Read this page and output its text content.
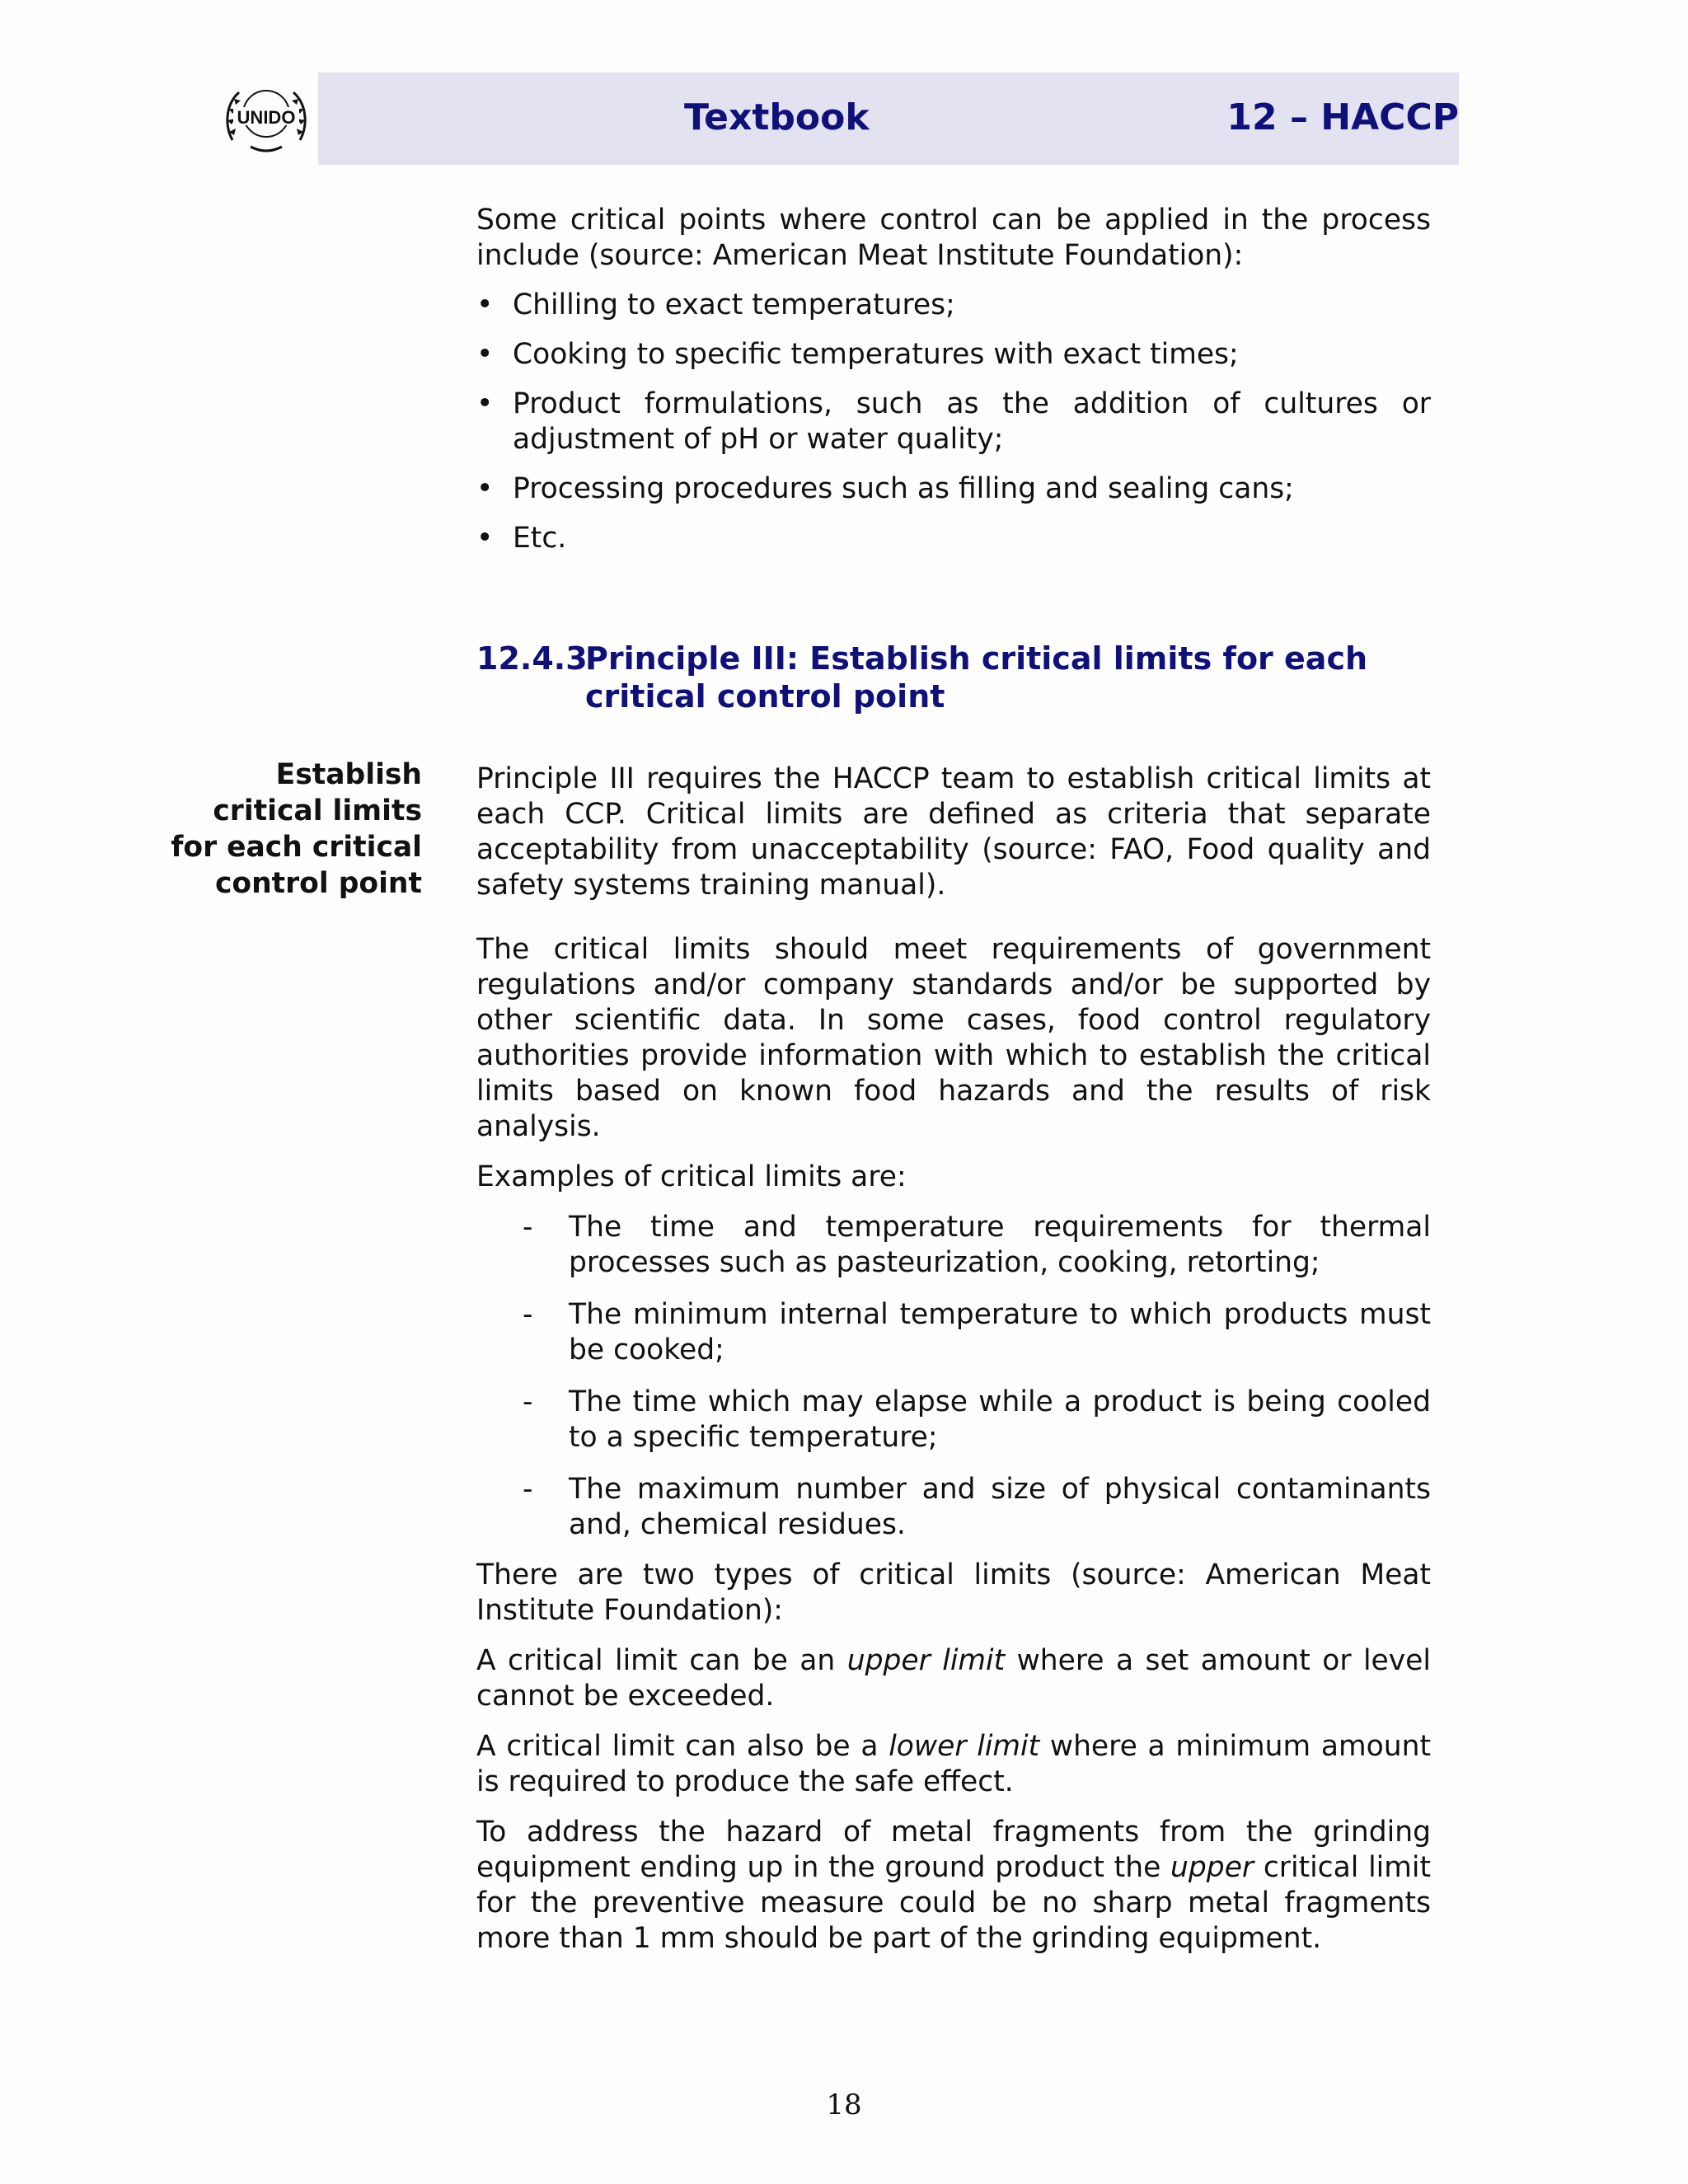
UNIDO	Textbook	12 – HACCP

Some critical points where control can be applied in the process include (source: American Meat Institute Foundation):

• Chilling to exact temperatures;
• Cooking to specific temperatures with exact times;
• Product formulations, such as the addition of cultures or adjustment of pH or water quality;
• Processing procedures such as filling and sealing cans;
• Etc.
12.4.3
Principle III: Establish critical limits for each critical control point
Establish critical limits for each critical control point

Principle III requires the HACCP team to establish critical limits at each CCP. Critical limits are defined as criteria that separate acceptability from unacceptability (source: FAO, Food quality and safety systems training manual).

The critical limits should meet requirements of government regulations and/or company standards and/or be supported by other scientific data. In some cases, food control regulatory authorities provide information with which to establish the critical limits based on known food hazards and the results of risk analysis.

Examples of critical limits are:

- The time and temperature requirements for thermal processes such as pasteurization, cooking, retorting;
- The minimum internal temperature to which products must be cooked;
- The time which may elapse while a product is being cooled to a specific temperature;
- The maximum number and size of physical contaminants and, chemical residues.

There are two types of critical limits (source: American Meat Institute Foundation):

A critical limit can be an upper limit where a set amount or level cannot be exceeded.

A critical limit can also be a lower limit where a minimum amount is required to produce the safe effect.

To address the hazard of metal fragments from the grinding equipment ending up in the ground product the upper critical limit for the preventive measure could be no sharp metal fragments more than 1 mm should be part of the grinding equipment.

18
